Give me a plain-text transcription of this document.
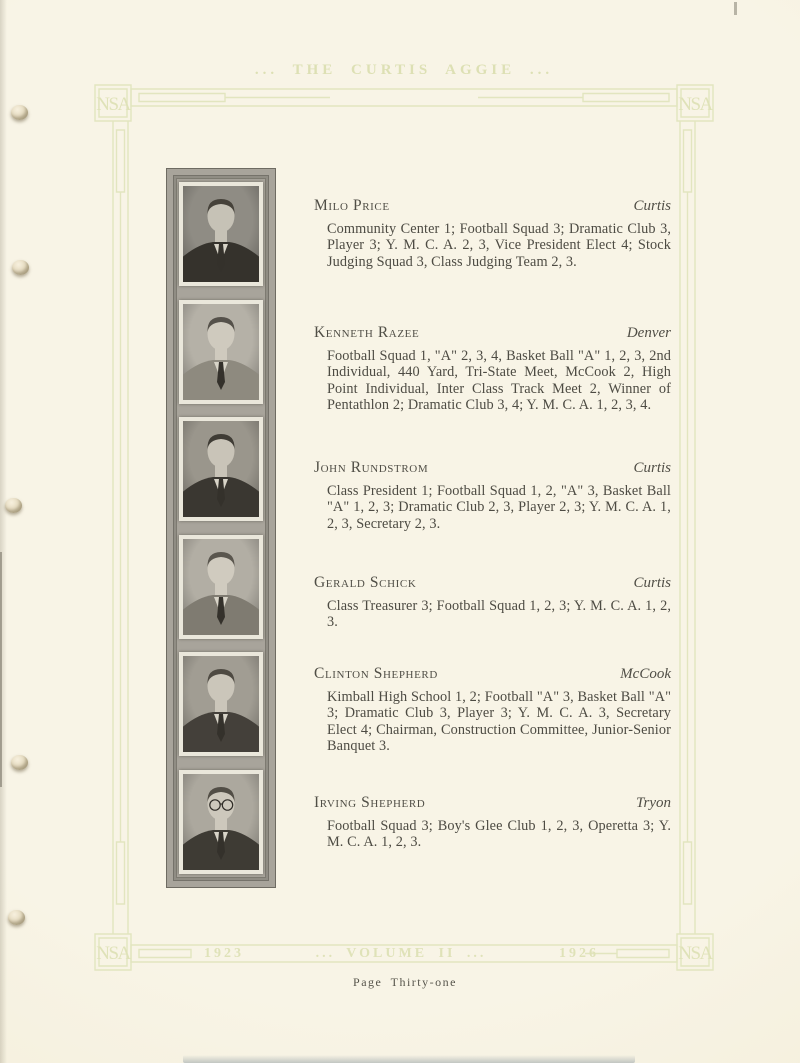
NSA	NSA
NSA	NSA
... THE CURTIS AGGIE ...
Milo Price	Curtis

Community Center 1; Football Squad 3; Dramatic Club 3, Player 3; Y. M. C. A. 2, 3, Vice President Elect 4; Stock Judging Squad 3, Class Judging Team 2, 3.

Kenneth Razee	Denver

Football Squad 1, "A" 2, 3, 4, Basket Ball "A" 1, 2, 3, 2nd Individual, 440 Yard, Tri-State Meet, McCook 2, High Point Individual, Inter Class Track Meet 2, Winner of Pentathlon 2; Dramatic Club 3, 4; Y. M. C. A. 1, 2, 3, 4.

John Rundstrom	Curtis

Class President 1; Football Squad 1, 2, "A" 3, Basket Ball "A" 1, 2, 3; Dramatic Club 2, 3, Player 2, 3; Y. M. C. A. 1, 2, 3, Secretary 2, 3.

Gerald Schick	Curtis

Class Treasurer 3; Football Squad 1, 2, 3; Y. M. C. A. 1, 2, 3.

Clinton Shepherd	McCook

Kimball High School 1, 2; Football "A" 3, Basket Ball "A" 3; Dramatic Club 3, Player 3; Y. M. C. A. 3, Secretary Elect 4; Chairman, Construction Committee, Junior-Senior Banquet 3.

Irving Shepherd	Tryon

Football Squad 3; Boy's Glee Club 1, 2, 3, Operetta 3; Y. M. C. A. 1, 2, 3.

1923	... VOLUME II ...	1926
Page Thirty-one
